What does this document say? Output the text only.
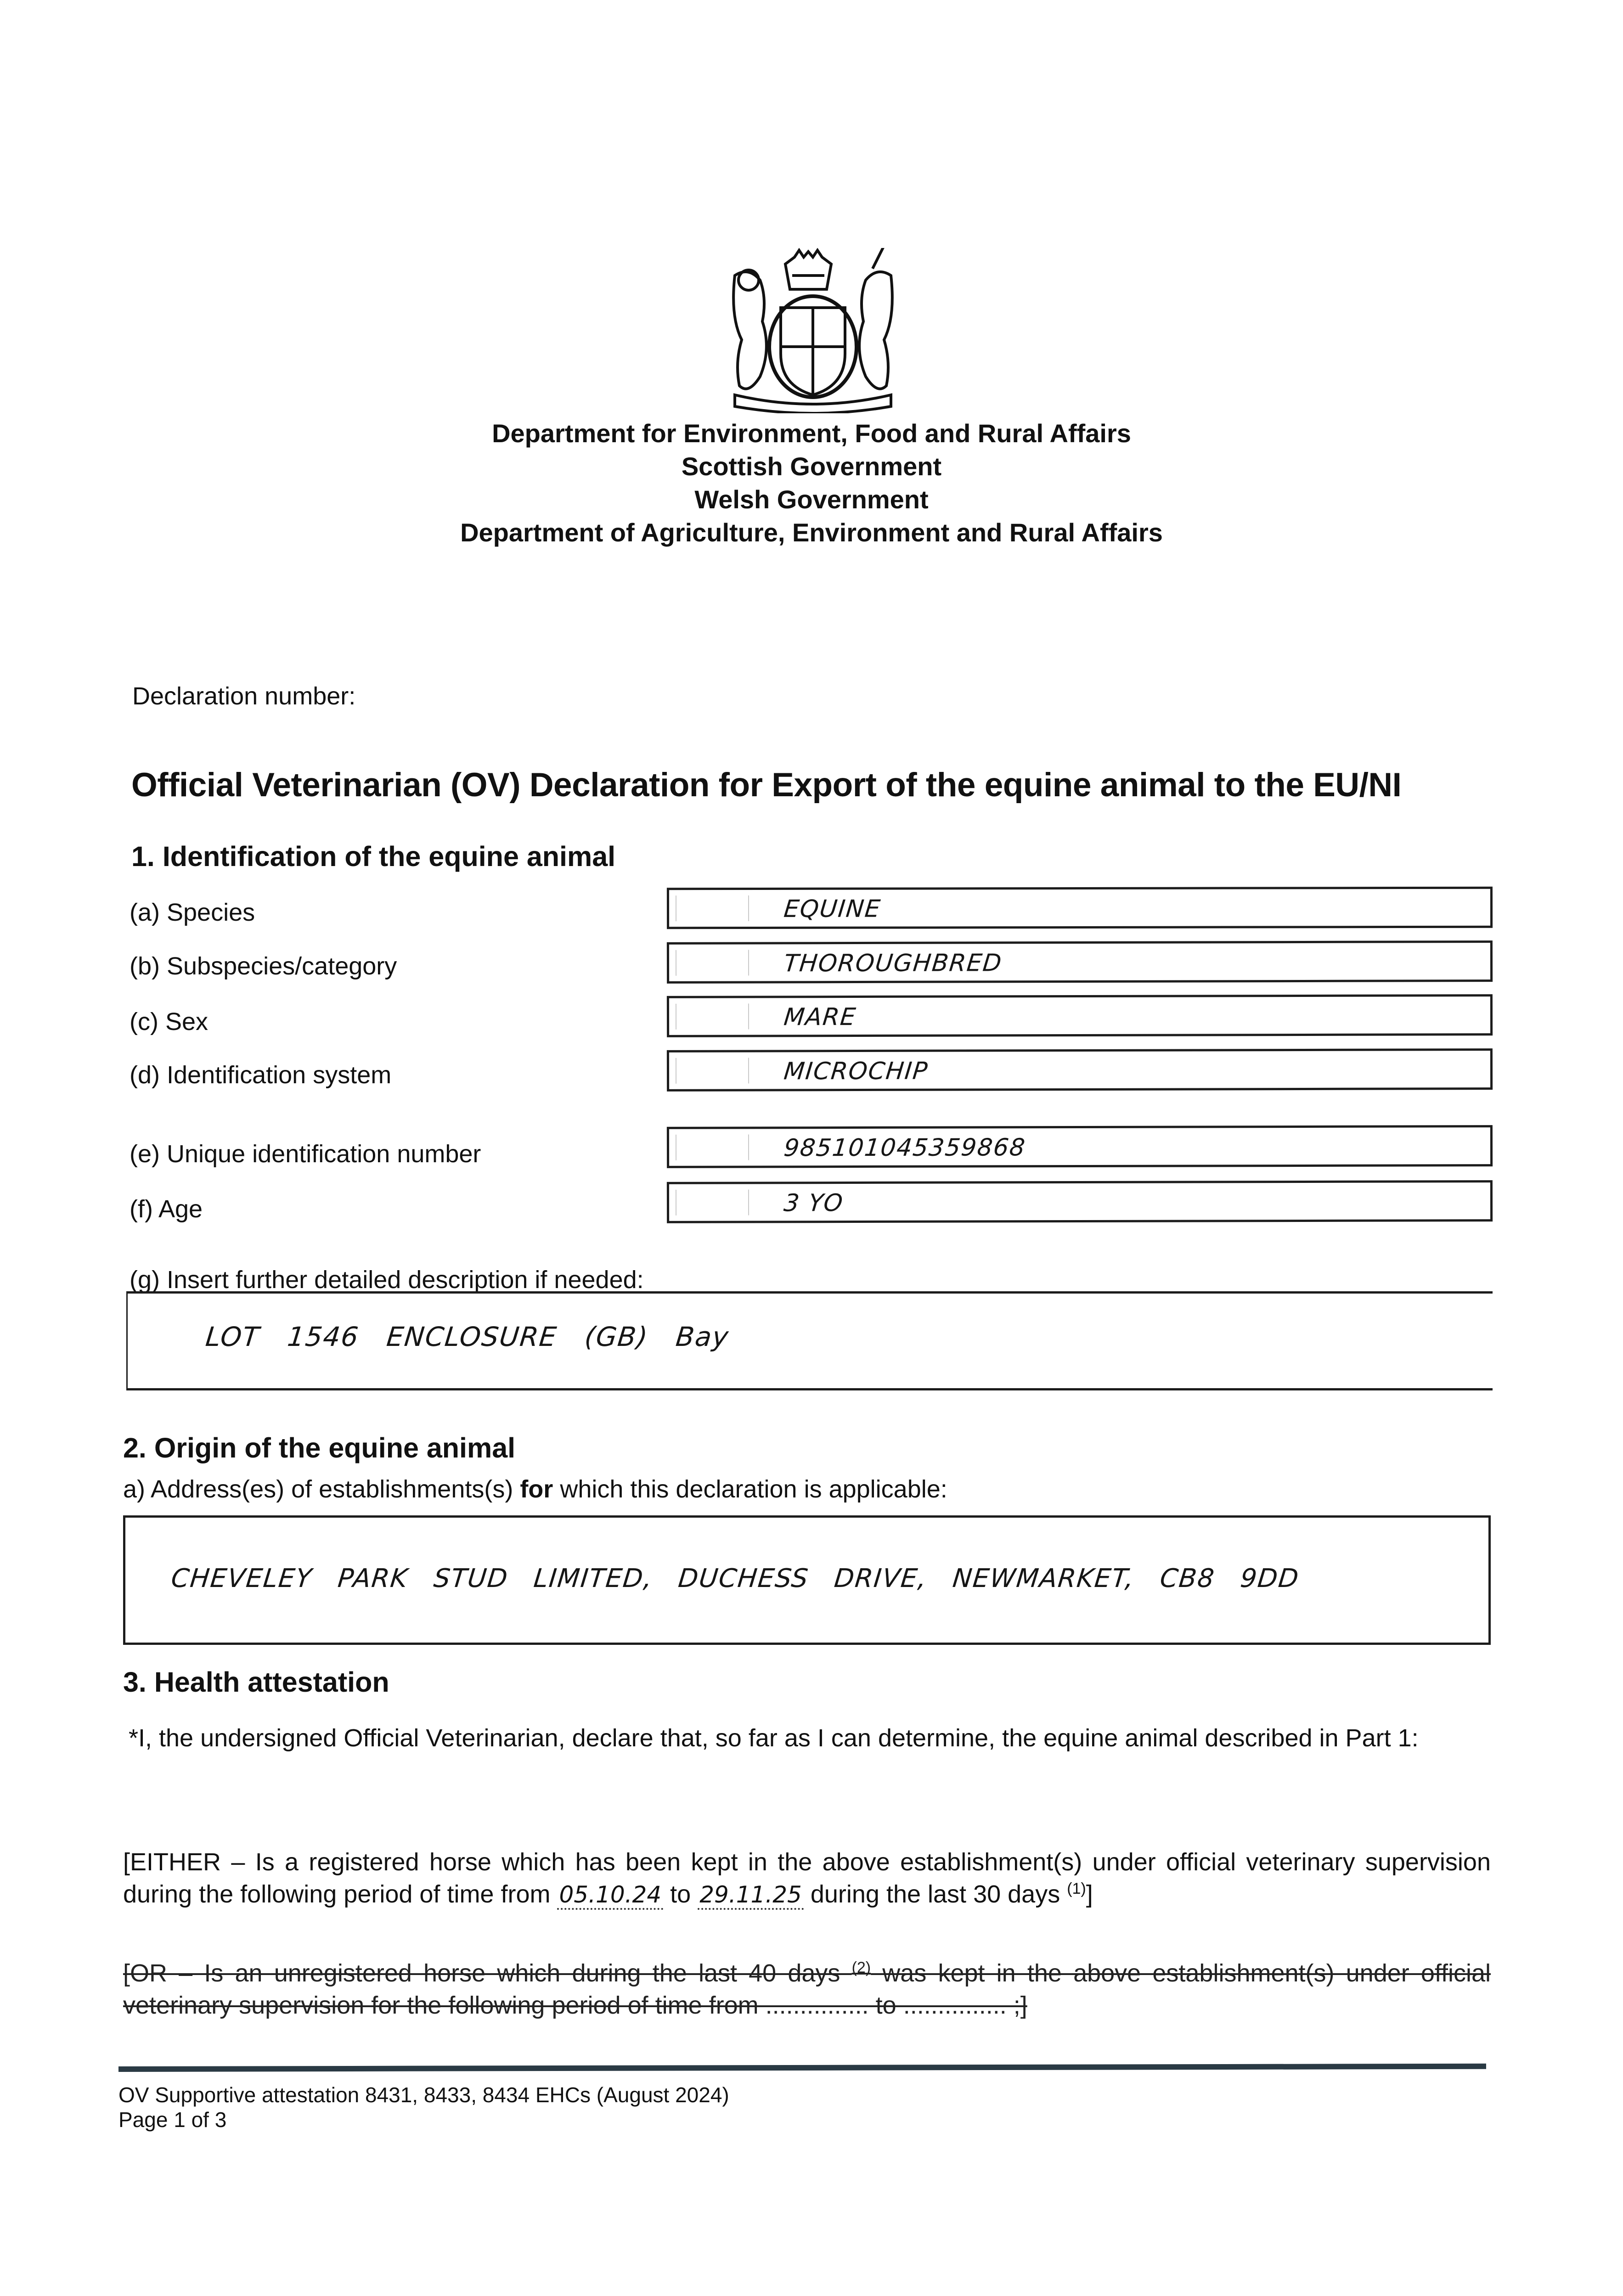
Department for Environment, Food and Rural Affairs
Scottish Government
Welsh Government
Department of Agriculture, Environment and Rural Affairs
Declaration number:
Official Veterinarian (OV) Declaration for Export of the equine animal to the EU/NI
1. Identification of the equine animal
(a) Species	EQUINE
(b) Subspecies/category	THOROUGHBRED
(c) Sex	MARE
(d) Identification system	MICROCHIP
(e) Unique identification number	985101045359868
(f) Age	3 YO
(g) Insert further detailed description if needed:
LOT 1546 ENCLOSURE (GB) Bay
2. Origin of the equine animal
a) Address(es) of establishments(s) for which this declaration is applicable:
CHEVELEY PARK STUD LIMITED, DUCHESS DRIVE, NEWMARKET, CB8 9DD
3. Health attestation
*I, the undersigned Official Veterinarian, declare that, so far as I can determine, the equine animal described in Part 1:
[EITHER – Is a registered horse which has been kept in the above establishment(s) under official veterinary supervision during the following period of time from 05.10.24 to 29.11.25 during the last 30 days $^{(1)}$]
[OR – Is an unregistered horse which during the last 40 days $^{(2)}$ was kept in the above establishment(s) under official veterinary supervision for the following period of time from ............... to ............... ;]
OV Supportive attestation 8431, 8433, 8434 EHCs (August 2024)
Page 1 of 3
